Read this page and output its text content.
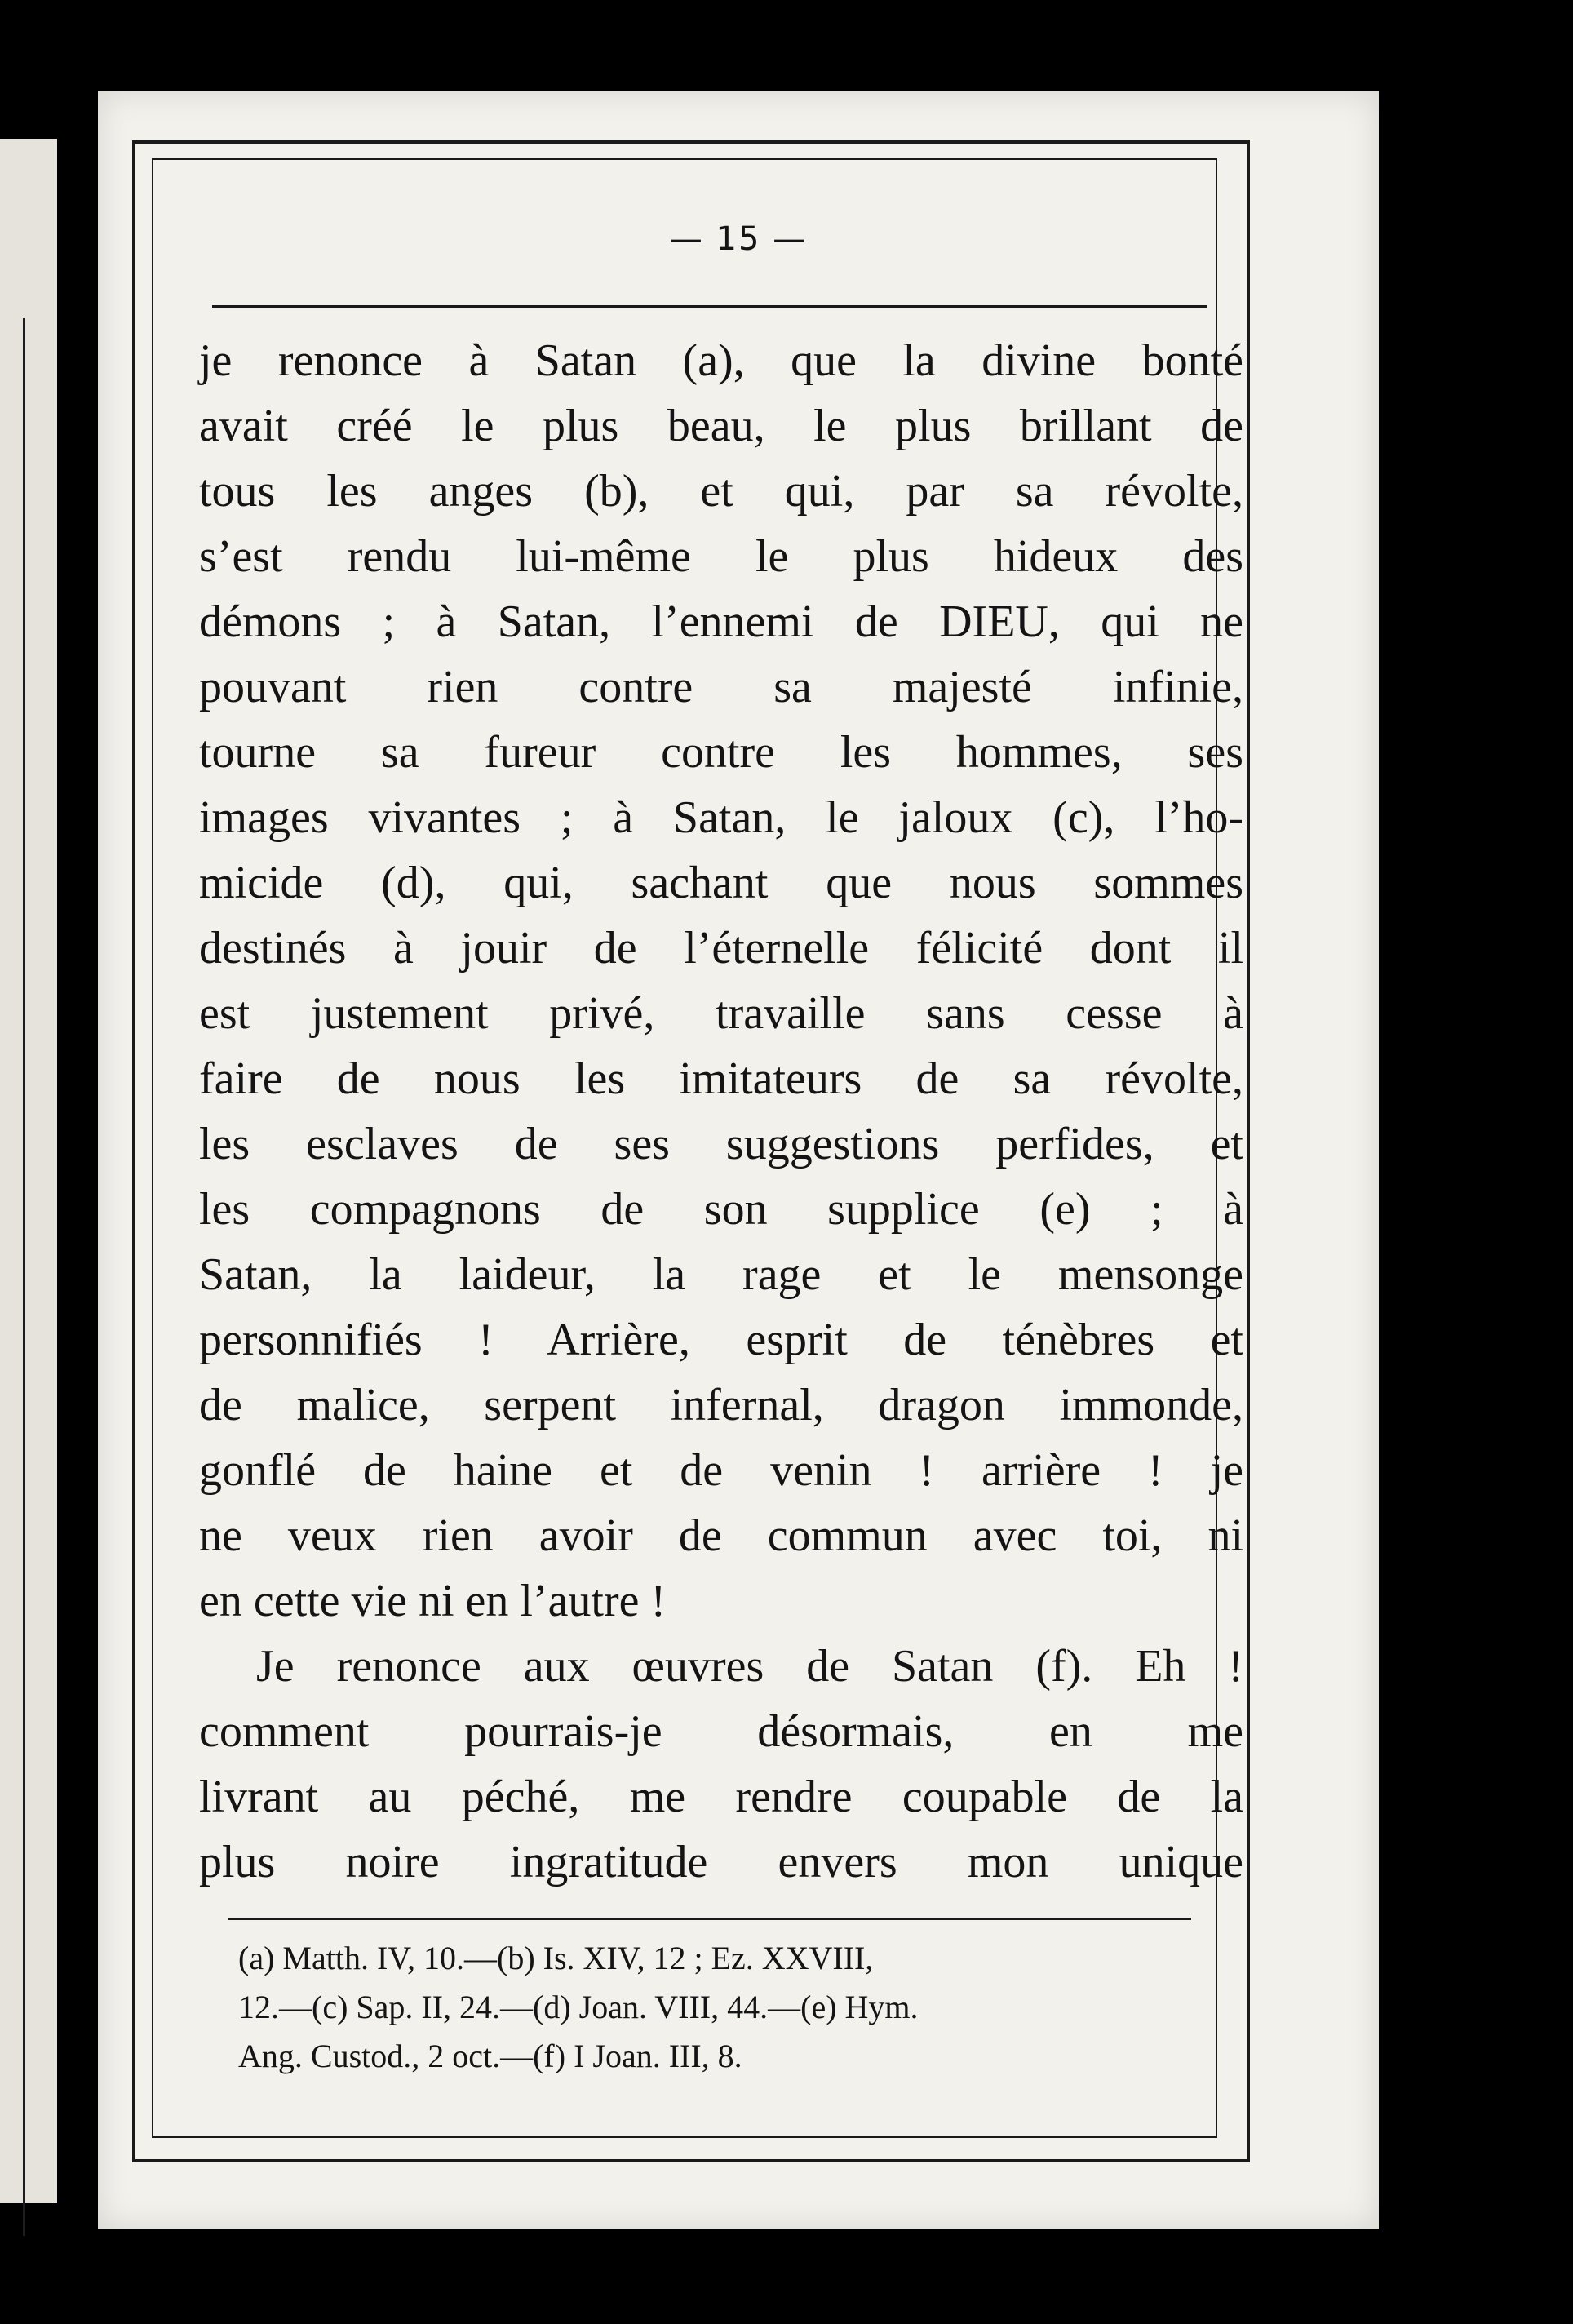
— 15 —
je renonce à Satan (a), que la divine bonté
avait créé le plus beau, le plus brillant de
tous les anges (b), et qui, par sa révolte,
s’est rendu lui-même le plus hideux des
démons ; à Satan, l’ennemi de DIEU, qui ne
pouvant rien contre sa majesté infinie,
tourne sa fureur contre les hommes, ses
images vivantes ; à Satan, le jaloux (c), l’ho-
micide (d), qui, sachant que nous sommes
destinés à jouir de l’éternelle félicité dont il
est justement privé, travaille sans cesse à
faire de nous les imitateurs de sa révolte,
les esclaves de ses suggestions perfides, et
les compagnons de son supplice (e) ; à
Satan, la laideur, la rage et le mensonge
personnifiés ! Arrière, esprit de ténèbres et
de malice, serpent infernal, dragon immonde,
gonflé de haine et de venin ! arrière ! je
ne veux rien avoir de commun avec toi, ni
en cette vie ni en l’autre !
Je renonce aux œuvres de Satan (f). Eh !
comment pourrais-je désormais, en me
livrant au péché, me rendre coupable de la
plus noire ingratitude envers mon unique
(a) Matth. IV, 10.—(b) Is. XIV, 12 ; Ez. XXVIII,
12.—(c) Sap. II, 24.—(d) Joan. VIII, 44.—(e) Hym.
Ang. Custod., 2 oct.—(f) I Joan. III, 8.
